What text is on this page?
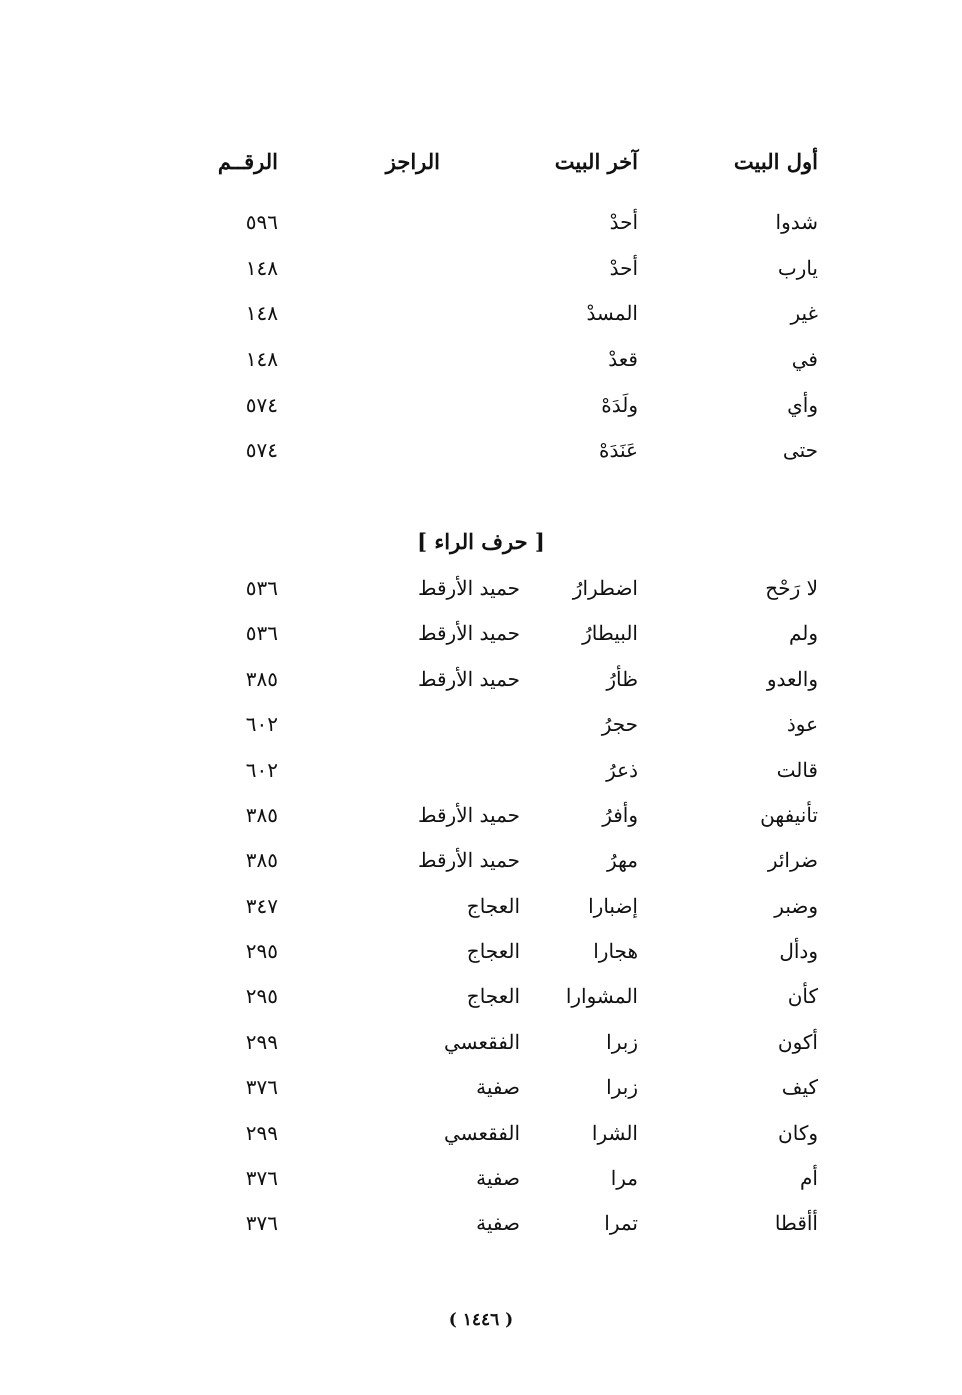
أول البيت
آخر البيت
الراجز
الرقــم
شدوا
أحدْ
٥٩٦
يارب
أحدْ
١٤٨
غير
المسدْ
١٤٨
في
قعدْ
١٤٨
وأي
ولَدَهْ
٥٧٤
حتى
عَنَدَهْ
٥٧٤
[ حرف الراء ]
لا رَحْح
اضطرارُ
حميد الأرقط
٥٣٦
ولم
البيطارُ
حميد الأرقط
٥٣٦
والعدو
ظأرُ
حميد الأرقط
٣٨٥
عوذ
حجرُ
٦٠٢
قالت
ذعرُ
٦٠٢
تأنيفهن
وأفرُ
حميد الأرقط
٣٨٥
ضرائر
مهرُ
حميد الأرقط
٣٨٥
وضبر
إضبارا
العجاج
٣٤٧
ودأل
هجارا
العجاج
٢٩٥
كأن
المشوارا
العجاج
٢٩٥
أكون
زبرا
الفقعسي
٢٩٩
كيف
زبرا
صفية
٣٧٦
وكان
الشرا
الفقعسي
٢٩٩
أم
مرا
صفية
٣٧٦
أأقطا
تمرا
صفية
٣٧٦
( ١٤٤٦ )
